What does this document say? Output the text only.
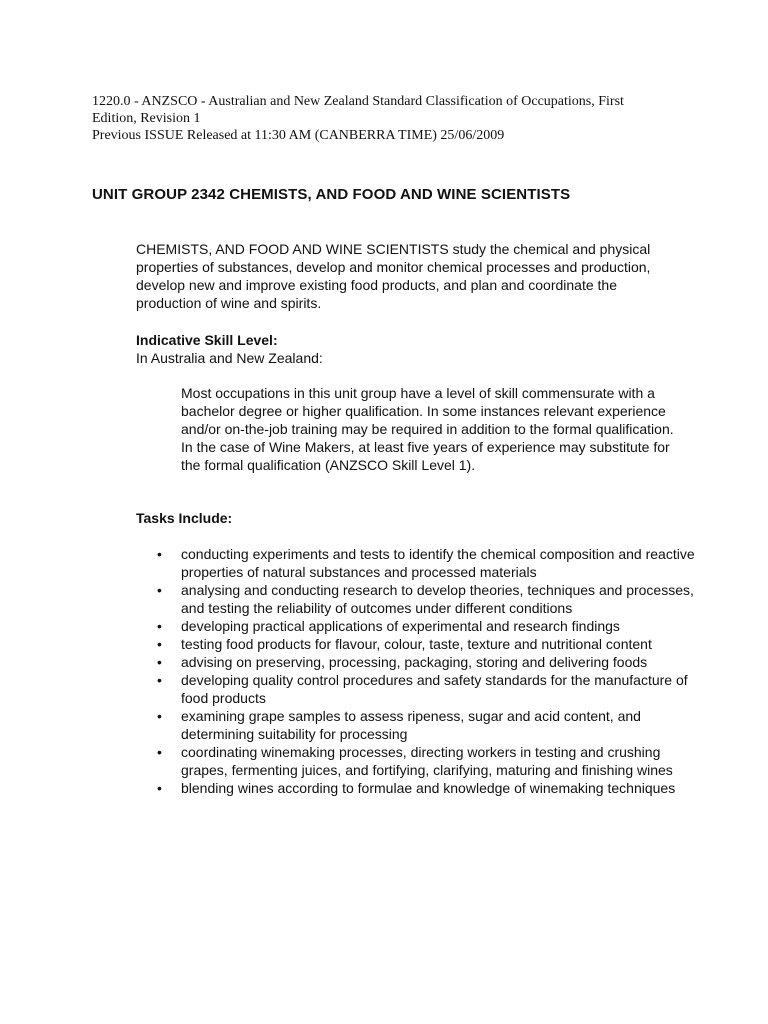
1220.0 - ANZSCO - Australian and New Zealand Standard Classification of Occupations, First
Edition, Revision 1
Previous ISSUE Released at 11:30 AM (CANBERRA TIME) 25/06/2009
UNIT GROUP 2342 CHEMISTS, AND FOOD AND WINE SCIENTISTS
CHEMISTS, AND FOOD AND WINE SCIENTISTS study the chemical and physical properties of substances, develop and monitor chemical processes and production, develop new and improve existing food products, and plan and coordinate the production of wine and spirits.
Indicative Skill Level:
In Australia and New Zealand:
Most occupations in this unit group have a level of skill commensurate with a bachelor degree or higher qualification. In some instances relevant experience and/or on-the-job training may be required in addition to the formal qualification. In the case of Wine Makers, at least five years of experience may substitute for the formal qualification (ANZSCO Skill Level 1).
Tasks Include:
•	conducting experiments and tests to identify the chemical composition and reactive properties of natural substances and processed materials
•	analysing and conducting research to develop theories, techniques and processes, and testing the reliability of outcomes under different conditions
•	developing practical applications of experimental and research findings
•	testing food products for flavour, colour, taste, texture and nutritional content
•	advising on preserving, processing, packaging, storing and delivering foods
•	developing quality control procedures and safety standards for the manufacture of food products
•	examining grape samples to assess ripeness, sugar and acid content, and determining suitability for processing
•	coordinating winemaking processes, directing workers in testing and crushing grapes, fermenting juices, and fortifying, clarifying, maturing and finishing wines
•	blending wines according to formulae and knowledge of winemaking techniques
